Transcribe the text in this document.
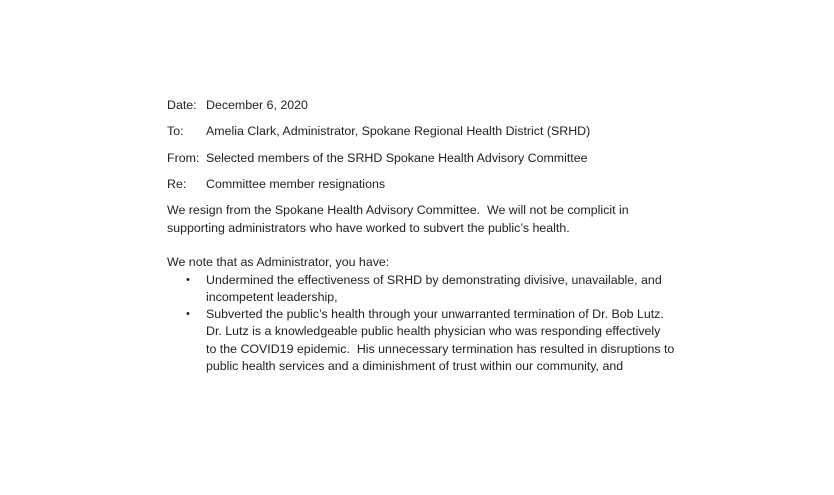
Date: December 6, 2020
To:	Amelia Clark, Administrator, Spokane Regional Health District (SRHD)
From: Selected members of the SRHD Spokane Health Advisory Committee
Re:	Committee member resignations
We resign from the Spokane Health Advisory Committee.  We will not be complicit in
supporting administrators who have worked to subvert the public’s health.
We note that as Administrator, you have:
• Undermined the effectiveness of SRHD by demonstrating divisive, unavailable, and
incompetent leadership,
• Subverted the public’s health through your unwarranted termination of Dr. Bob Lutz.
Dr. Lutz is a knowledgeable public health physician who was responding effectively
to the COVID19 epidemic.  His unnecessary termination has resulted in disruptions to
public health services and a diminishment of trust within our community, and
